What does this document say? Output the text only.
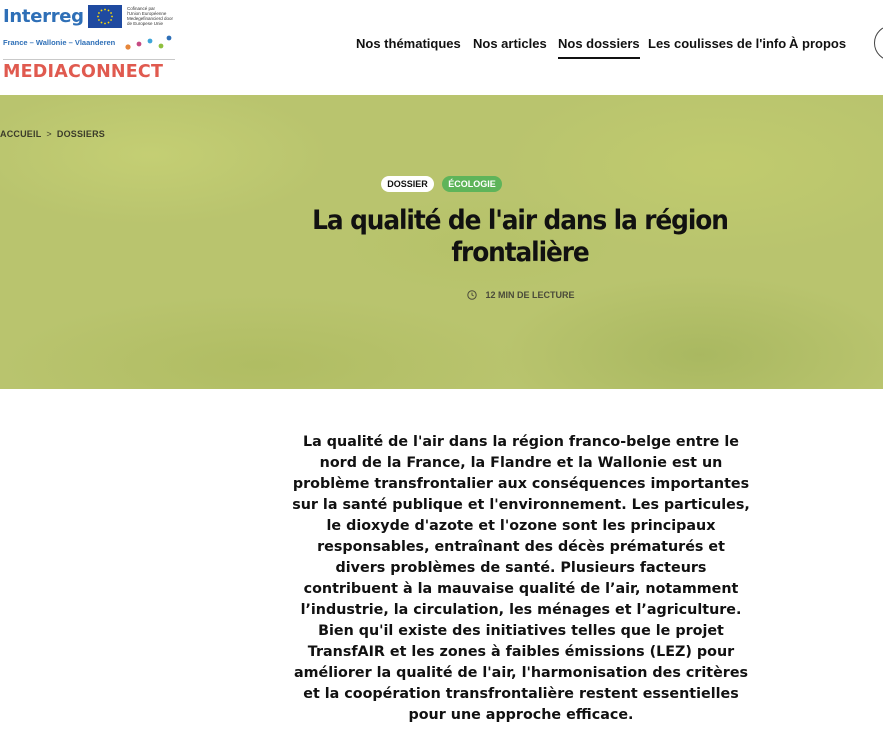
Interreg	Cofinancé par
l'Union Européenne
Medegefinancierd door
de Europese Unie
France – Wallonie – Vlaanderen
MEDIACONNECT
Nos thématiques Nos articles Nos dossiers Les coulisses de l'info À propos
ACCUEIL > DOSSIERS
DOSSIER ÉCOLOGIE
La qualité de l'air dans la région frontalière
12 MIN DE LECTURE

La qualité de l'air dans la région franco-belge entre le nord de la France, la Flandre et la Wallonie est un problème transfrontalier aux conséquences importantes sur la santé publique et l'environnement. Les particules, le dioxyde d'azote et l'ozone sont les principaux responsables, entraînant des décès prématurés et divers problèmes de santé. Plusieurs facteurs contribuent à la mauvaise qualité de l’air, notamment l’industrie, la circulation, les ménages et l’agriculture. Bien qu'il existe des initiatives telles que le projet TransfAIR et les zones à faibles émissions (LEZ) pour améliorer la qualité de l'air, l'harmonisation des critères et la coopération transfrontalière restent essentielles pour une approche efficace.
